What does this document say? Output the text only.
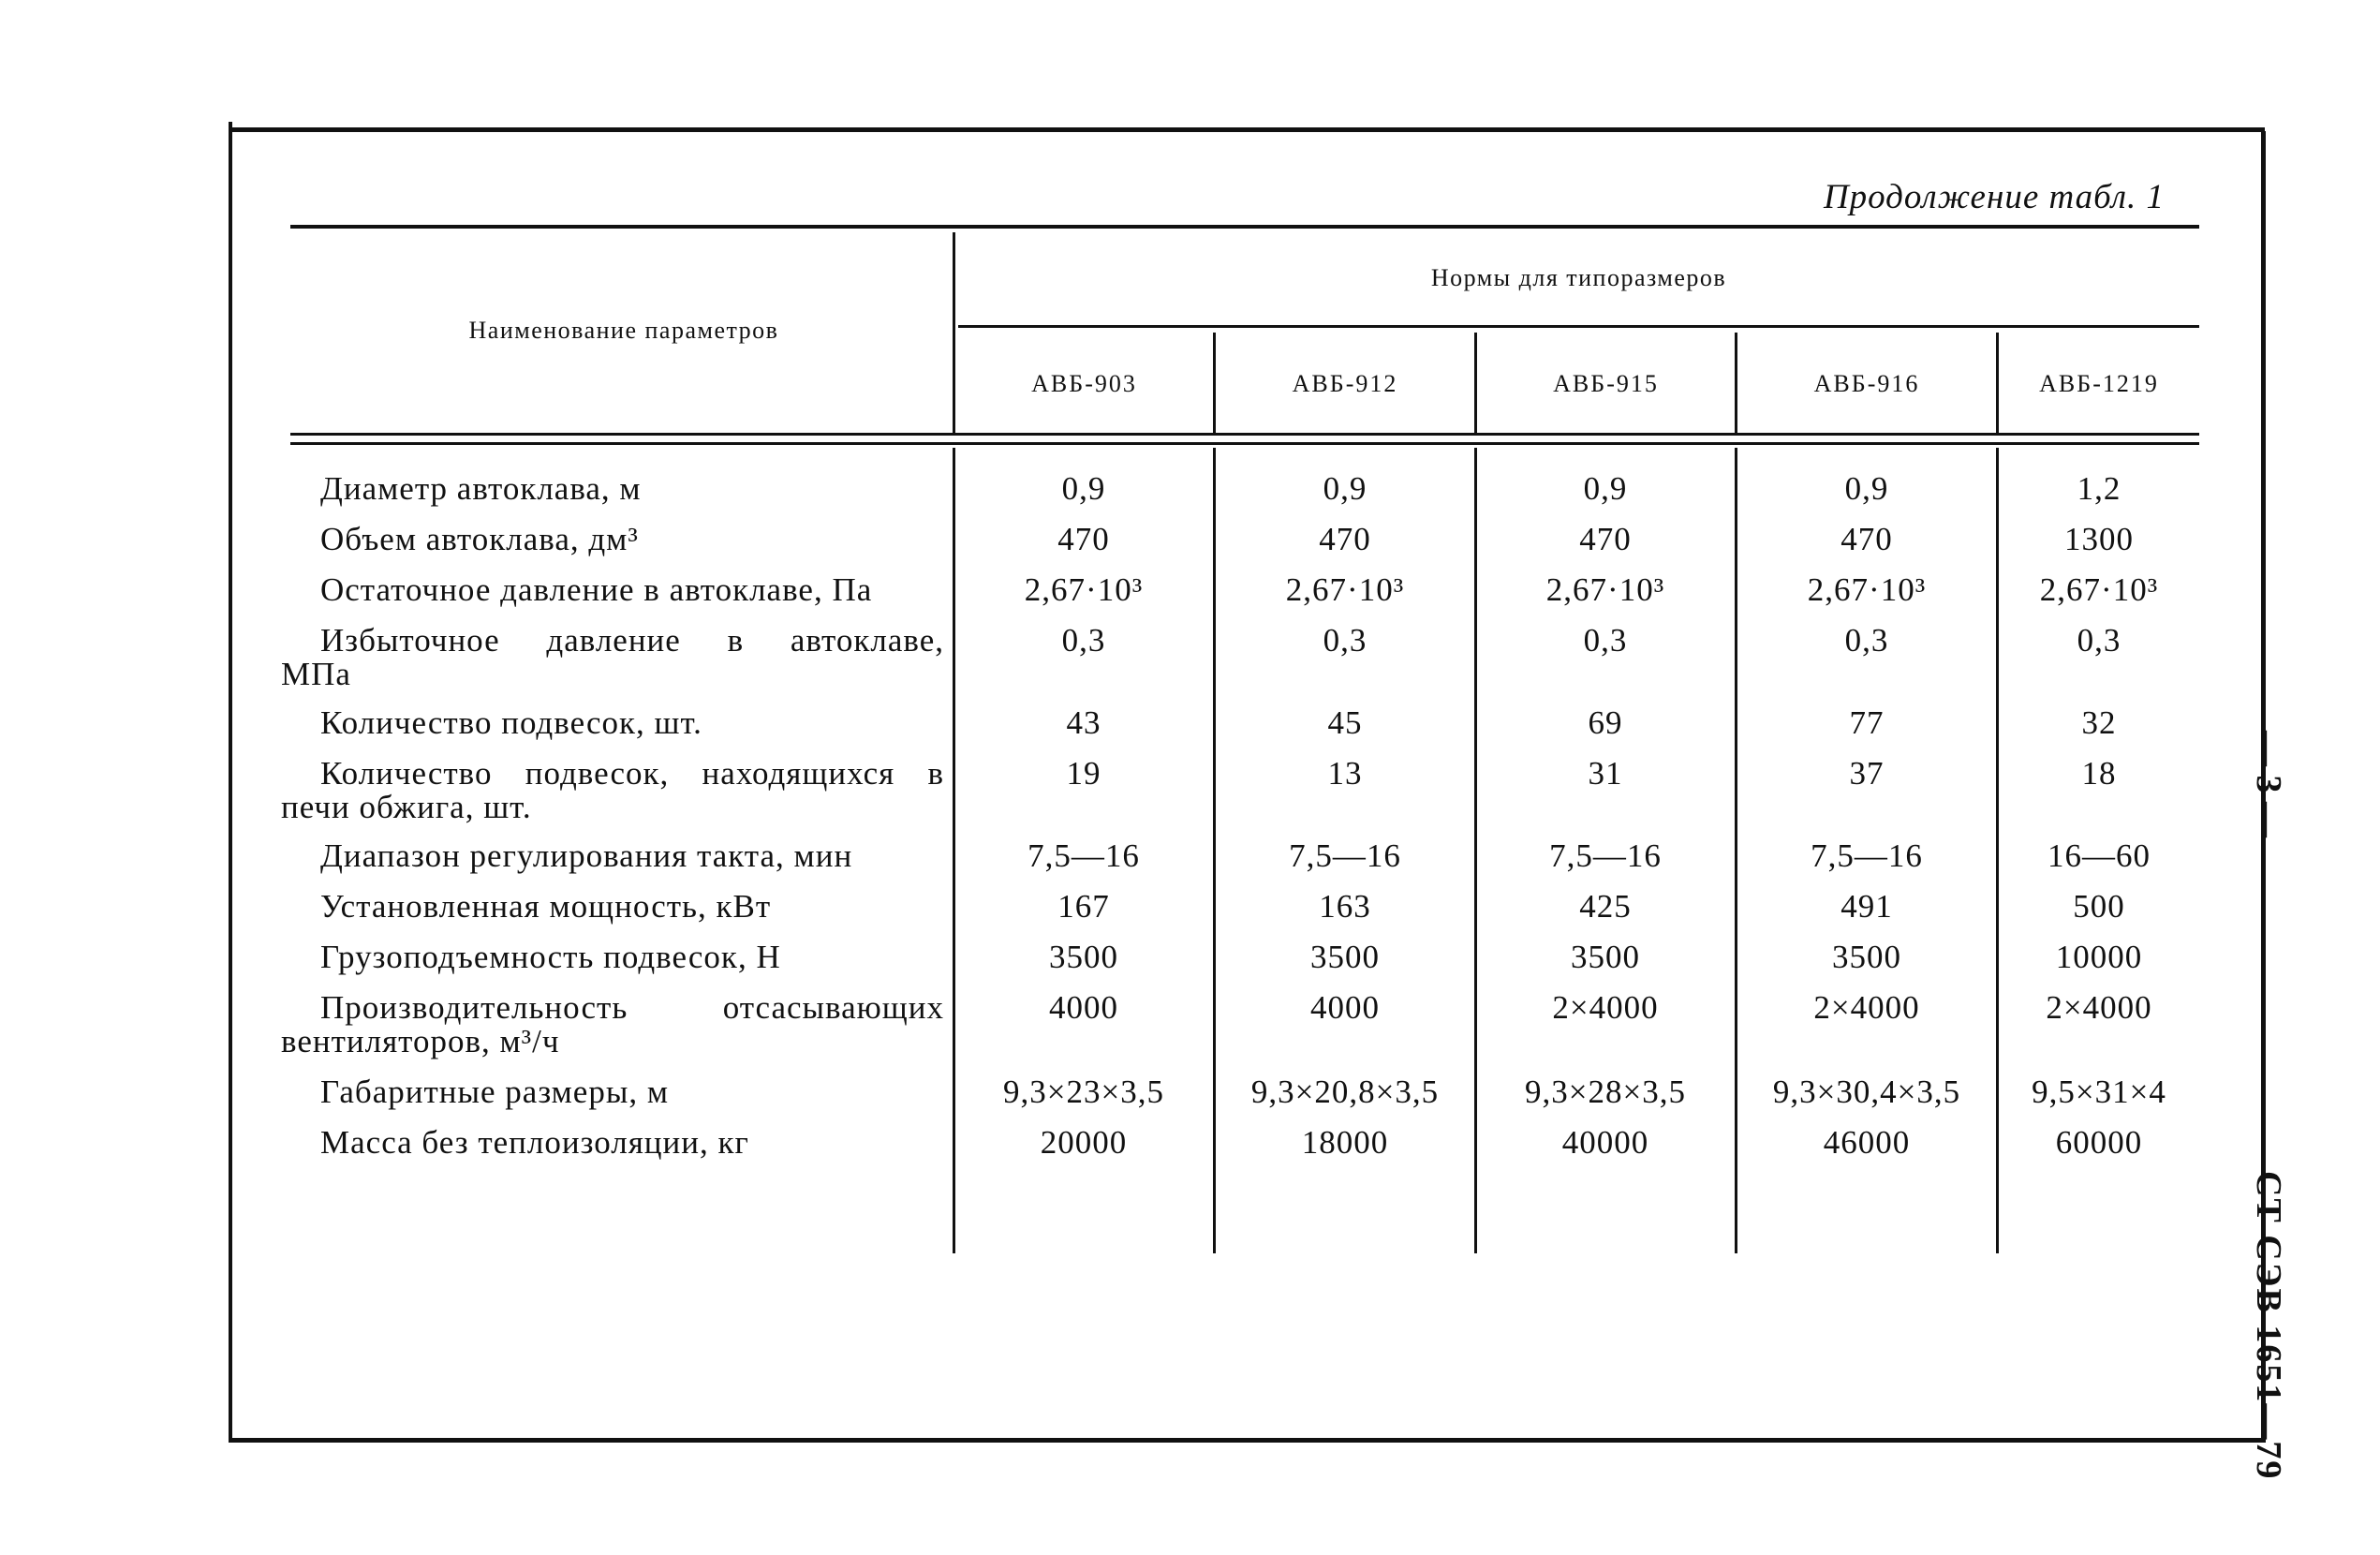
Продолжение табл. 1
Нормы для типоразмеров
Наименование параметров
АВБ-903	АВБ-912	АВБ-915	АВБ-916	АВБ-1219
Диаметр автоклава, м	0,9	0,9	0,9	0,9	1,2
Объем автоклава, дм³	470	470	470	470	1300
Остаточное давление в автоклаве, Па	2,67·10³	2,67·10³	2,67·10³	2,67·10³	2,67·10³
Избыточное давление в автоклаве,
МПа
0,3	0,3	0,3	0,3	0,3
Количество подвесок, шт.	43	45	69	77	32
Количество подвесок, находящихся в
печи обжига, шт.
19	13	31	37	18
Диапазон регулирования такта, мин	7,5—16	7,5—16	7,5—16	7,5—16	16—60
Установленная мощность, кВт	167	163	425	491	500
Грузоподъемность подвесок, Н	3500	3500	3500	3500	10000
Производительность отсасывающих
вентиляторов, м³/ч
4000	4000	2×4000	2×4000	2×4000
Габаритные размеры, м	9,3×23×3,5	9,3×20,8×3,5	9,3×28×3,5	9,3×30,4×3,5	9,5×31×4
Масса без теплоизоляции, кг	20000	18000	40000	46000	60000
— 3 —
СТ СЭВ 1651—79
